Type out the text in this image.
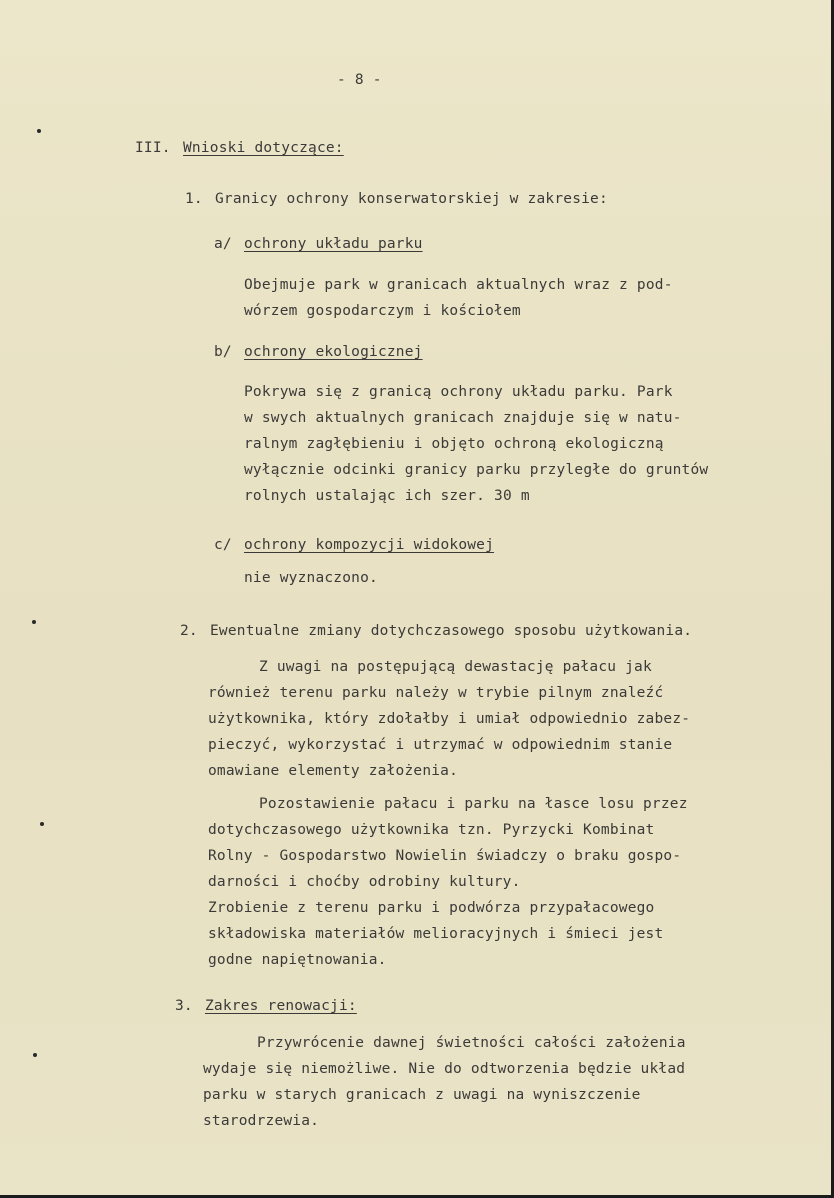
- 8 -
III. Wnioski dotyczące:
1. Granicy ochrony konserwatorskiej w zakresie:
a/ ochrony układu parku
Obejmuje park w granicach aktualnych wraz z pod-
wórzem gospodarczym i kościołem
b/ ochrony ekologicznej
Pokrywa się z granicą ochrony układu parku. Park
w swych aktualnych granicach znajduje się w natu-
ralnym zagłębieniu i objęto ochroną ekologiczną
wyłącznie odcinki granicy parku przyległe do gruntów
rolnych ustalając ich szer. 30 m
c/ ochrony kompozycji widokowej
nie wyznaczono.
2. Ewentualne zmiany dotychczasowego sposobu użytkowania.
Z uwagi na postępującą dewastację pałacu jak
również terenu parku należy w trybie pilnym znaleźć
użytkownika, który zdołałby i umiał odpowiednio zabez-
pieczyć, wykorzystać i utrzymać w odpowiednim stanie
omawiane elementy założenia.
Pozostawienie pałacu i parku na łasce losu przez
dotychczasowego użytkownika tzn. Pyrzycki Kombinat
Rolny - Gospodarstwo Nowielin świadczy o braku gospo-
darności i choćby odrobiny kultury.
Zrobienie z terenu parku i podwórza przypałacowego
składowiska materiałów melioracyjnych i śmieci jest
godne napiętnowania.
3. Zakres renowacji:
Przywrócenie dawnej świetności całości założenia
wydaje się niemożliwe. Nie do odtworzenia będzie układ
parku w starych granicach z uwagi na wyniszczenie
starodrzewia.
